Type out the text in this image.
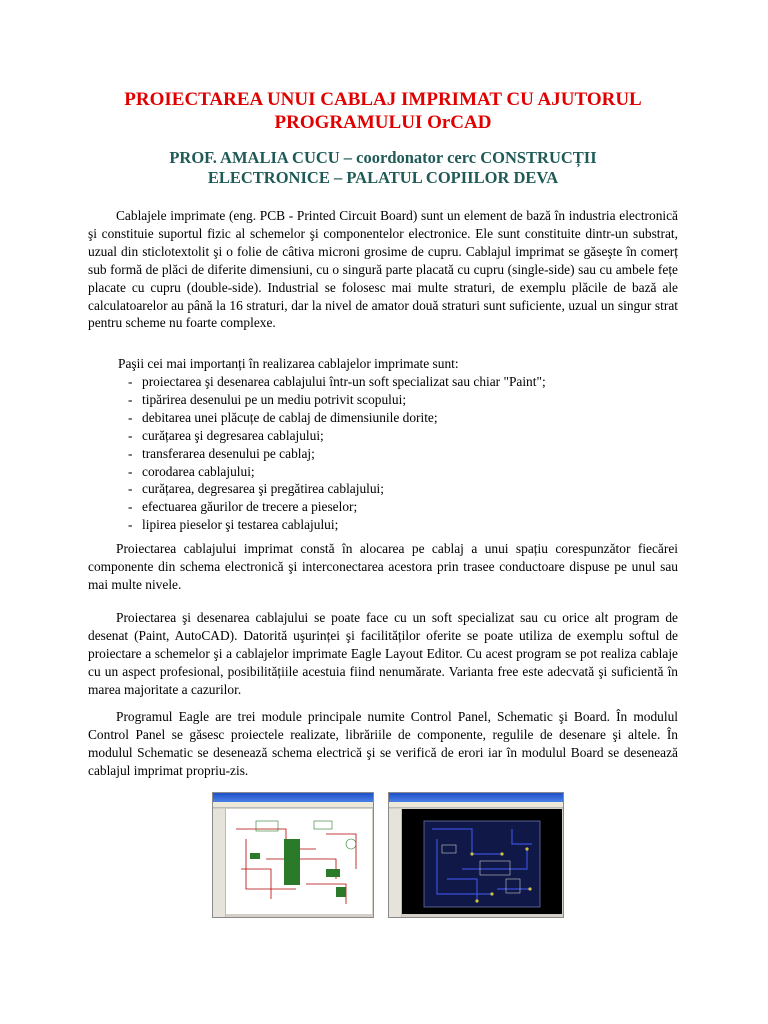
PROIECTAREA UNUI CABLAJ IMPRIMAT CU AJUTORUL
PROGRAMULUI OrCAD
PROF. AMALIA CUCU – coordonator cerc CONSTRUCȚII
ELECTRONICE – PALATUL COPIILOR DEVA

Cablajele imprimate (eng. PCB - Printed Circuit Board) sunt un element de bază în industria electronică şi constituie suportul fizic al schemelor şi componentelor electronice. Ele sunt constituite dintr-un substrat, uzual din sticlotextolit şi o folie de câtiva microni grosime de cupru. Cablajul imprimat se găseşte în comerț sub formă de plăci de diferite dimensiuni, cu o singură parte placată cu cupru (single-side) sau cu ambele fețe placate cu cupru (double-side). Industrial se folosesc mai multe straturi, de exemplu plăcile de bază ale calculatoarelor au până la 16 straturi, dar la nivel de amator două straturi sunt suficiente, uzual un singur strat pentru scheme nu foarte complexe.

Paşii cei mai importanți în realizarea cablajelor imprimate sunt:
- proiectarea şi desenarea cablajului într-un soft specializat sau chiar "Paint";
- tipărirea desenului pe un mediu potrivit scopului;
- debitarea unei plăcuțe de cablaj de dimensiunile dorite;
- curățarea şi degresarea cablajului;
- transferarea desenului pe cablaj;
- corodarea cablajului;
- curățarea, degresarea şi pregătirea cablajului;
- efectuarea găurilor de trecere a pieselor;
- lipirea pieselor şi testarea cablajului;

Proiectarea cablajului imprimat constă în alocarea pe cablaj a unui spațiu corespunzător fiecărei componente din schema electronică şi interconectarea acestora prin trasee conductoare dispuse pe unul sau mai multe nivele.

Proiectarea şi desenarea cablajului se poate face cu un soft specializat sau cu orice alt program de desenat (Paint, AutoCAD). Datorită uşurinței şi facilităților oferite se poate utiliza de exemplu softul de proiectare a schemelor şi a cablajelor imprimate Eagle Layout Editor. Cu acest program se pot realiza cablaje cu un aspect profesional, posibilitățiile acestuia fiind nenumărate. Varianta free este adecvată şi suficientă în marea majoritate a cazurilor.

Programul Eagle are trei module principale numite Control Panel, Schematic şi Board. În modulul Control Panel se găsesc proiectele realizate, librăriile de componente, regulile de desenare şi altele. În modulul Schematic se desenează schema electrică şi se verifică de erori iar în modulul Board se desenează cablajul imprimat propriu-zis.
